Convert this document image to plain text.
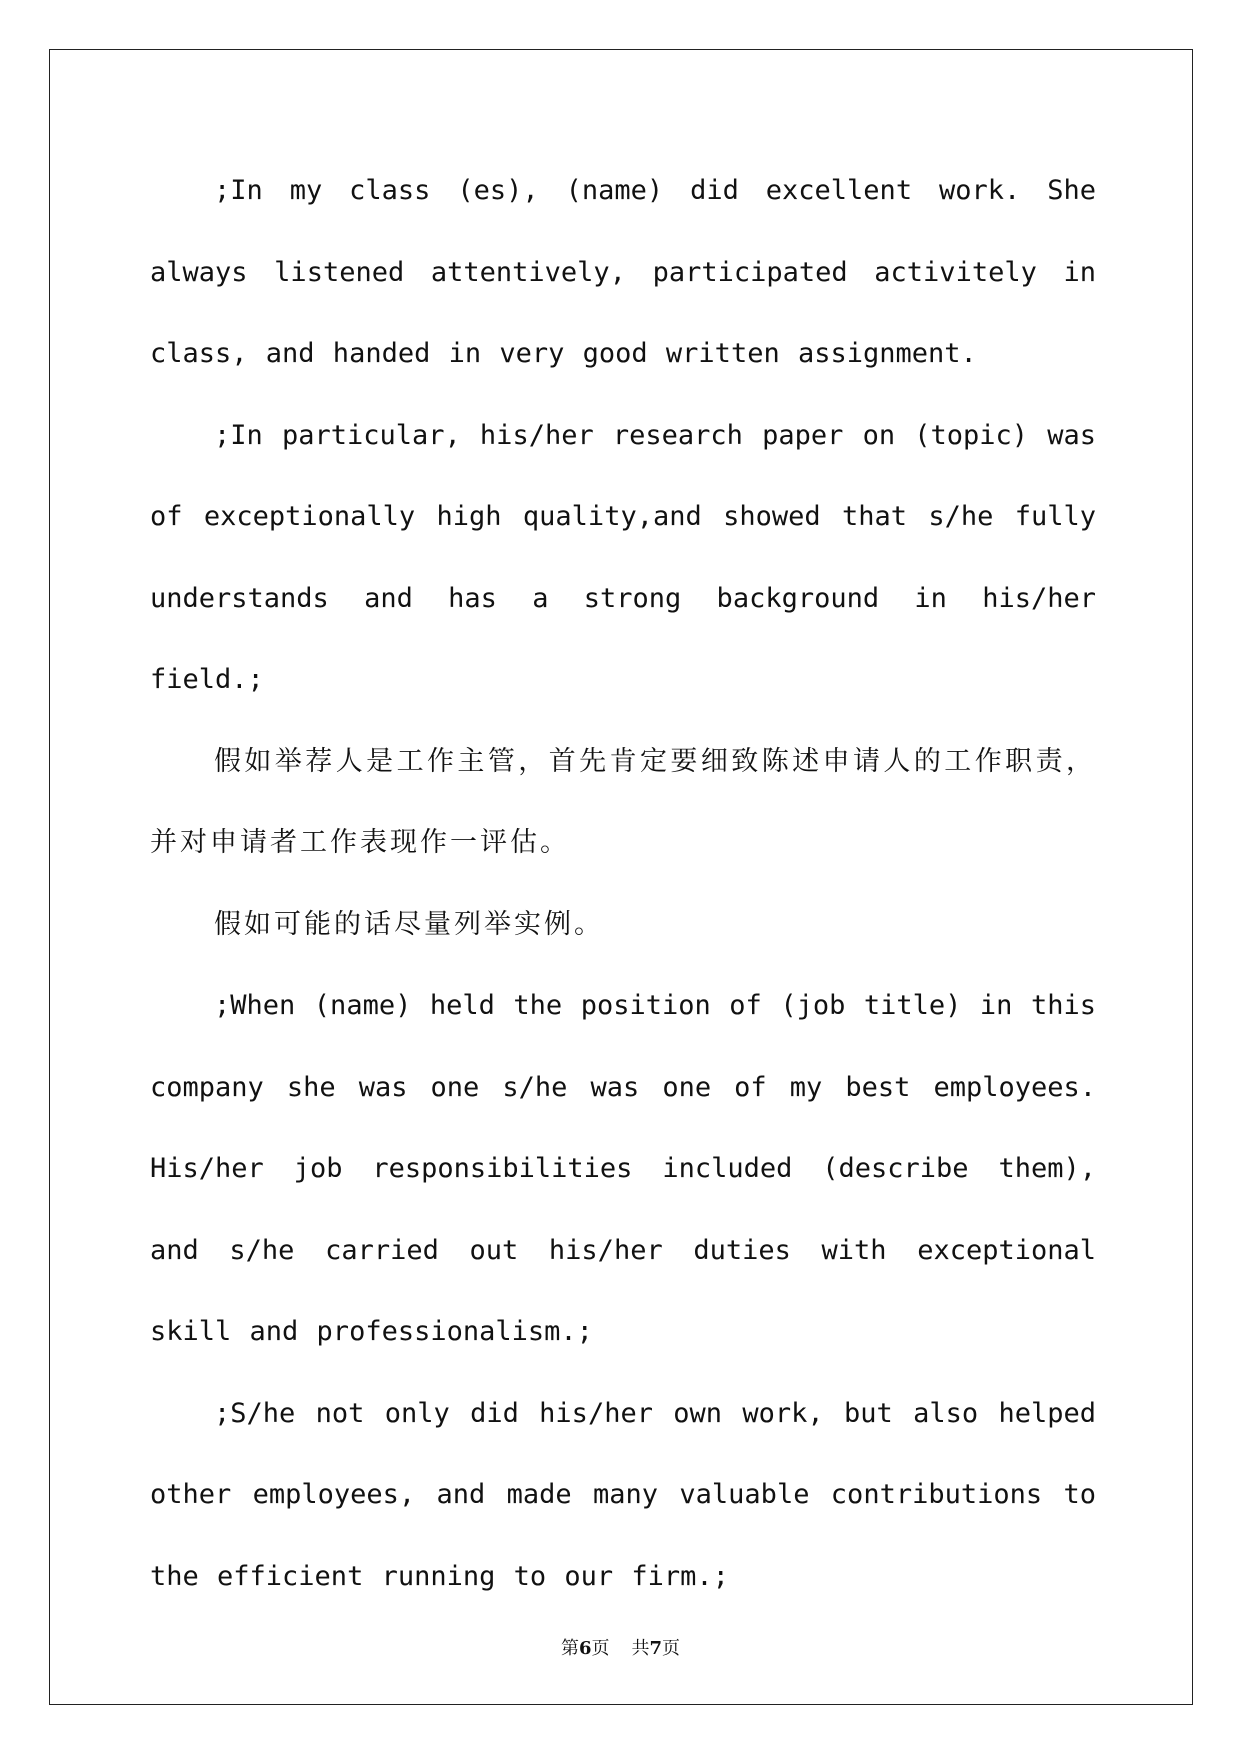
;In my class (es), (name) did excellent work. She always listened attentively, participated activitely in class, and handed in very good written assignment.

;In particular, his/her research paper on (topic) was of exceptionally high quality,and showed that s/he fully understands and has a strong background in his/her field.;

假如举荐人是工作主管，首先肯定要细致陈述申请人的工作职责，并对申请者工作表现作一评估。

假如可能的话尽量列举实例。

;When (name) held the position of (job title) in this company she was one s/he was one of my best employees. His/her job responsibilities included (describe them), and s/he carried out his/her duties with exceptional skill and professionalism.;

;S/he not only did his/her own work, but also helped other employees, and made many valuable contributions to the efficient running to our firm.;

第6页 共7页
